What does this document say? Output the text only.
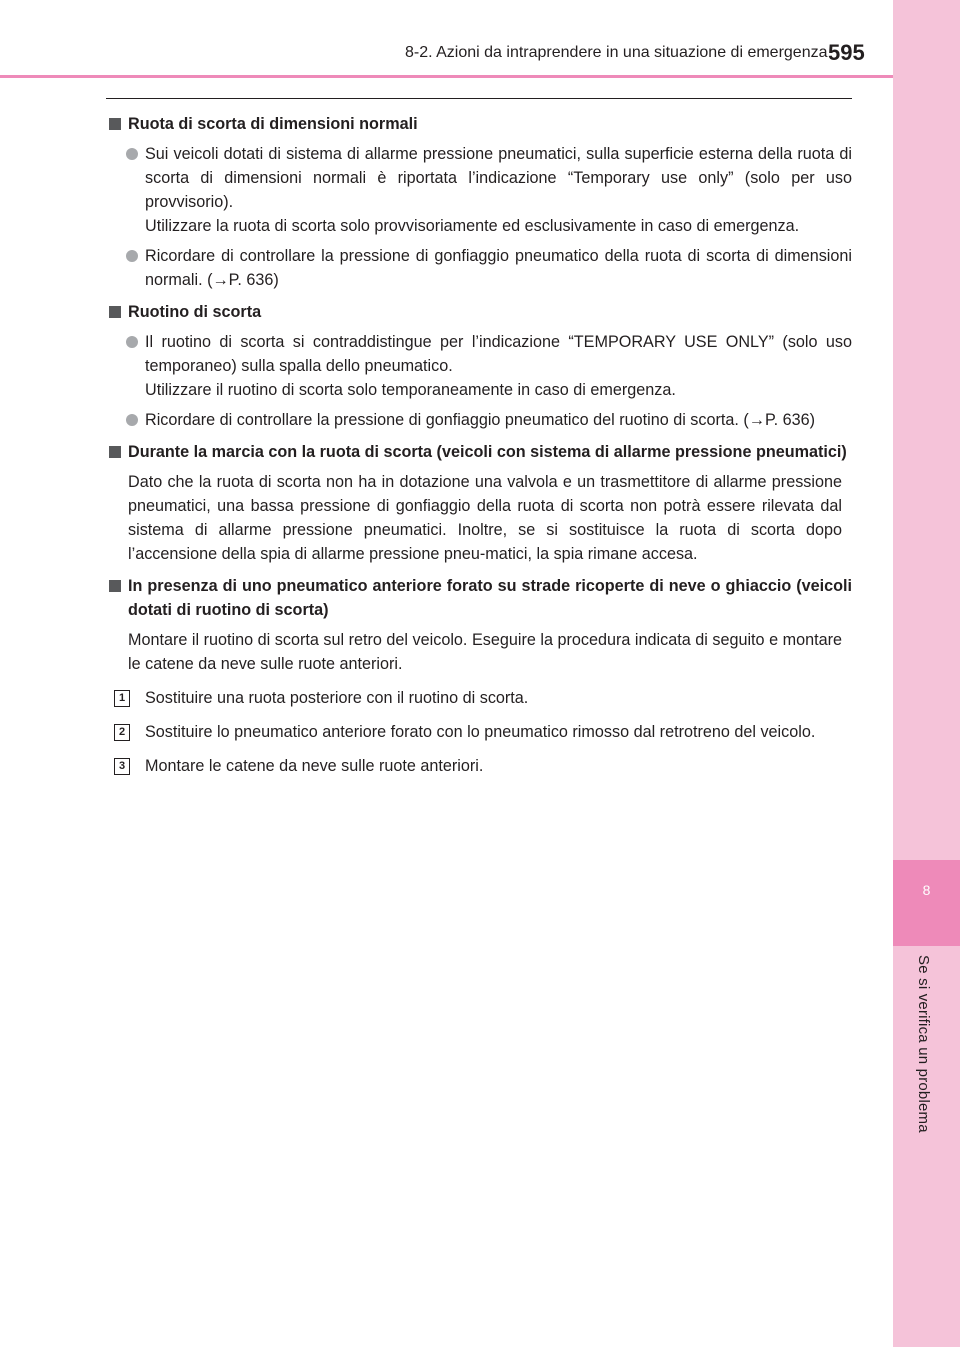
8
Se si verifica un problema
8-2. Azioni da intraprendere in una situazione di emergenza 595
Ruota di scorta di dimensioni normali

Sui veicoli dotati di sistema di allarme pressione pneumatici, sulla superficie esterna della ruota di scorta di dimensioni normali è riportata l’indicazione “Temporary use only” (solo per uso provvisorio).

Utilizzare la ruota di scorta solo provvisoriamente ed esclusivamente in caso di emergenza.

Ricordare di controllare la pressione di gonfiaggio pneumatico della ruota di scorta di dimensioni normali. (→P. 636)

Ruotino di scorta

Il ruotino di scorta si contraddistingue per l’indicazione “TEMPORARY USE ONLY” (solo uso temporaneo) sulla spalla dello pneumatico.

Utilizzare il ruotino di scorta solo temporaneamente in caso di emergenza.

Ricordare di controllare la pressione di gonfiaggio pneumatico del ruotino di scorta. (→P. 636)

Durante la marcia con la ruota di scorta (veicoli con sistema di allarme pressione pneumatici)

Dato che la ruota di scorta non ha in dotazione una valvola e un trasmettitore di allarme pressione pneumatici, una bassa pressione di gonfiaggio della ruota di scorta non potrà essere rilevata dal sistema di allarme pressione pneumatici. Inoltre, se si sostituisce la ruota di scorta dopo l’accensione della spia di allarme pressione pneu-matici, la spia rimane accesa.

In presenza di uno pneumatico anteriore forato su strade ricoperte di neve o ghiaccio (veicoli dotati di ruotino di scorta)

Montare il ruotino di scorta sul retro del veicolo. Eseguire la procedura indicata di seguito e montare le catene da neve sulle ruote anteriori.

1	Sostituire una ruota posteriore con il ruotino di scorta.
2	Sostituire lo pneumatico anteriore forato con lo pneumatico rimosso dal retrotreno del veicolo.
3	Montare le catene da neve sulle ruote anteriori.
